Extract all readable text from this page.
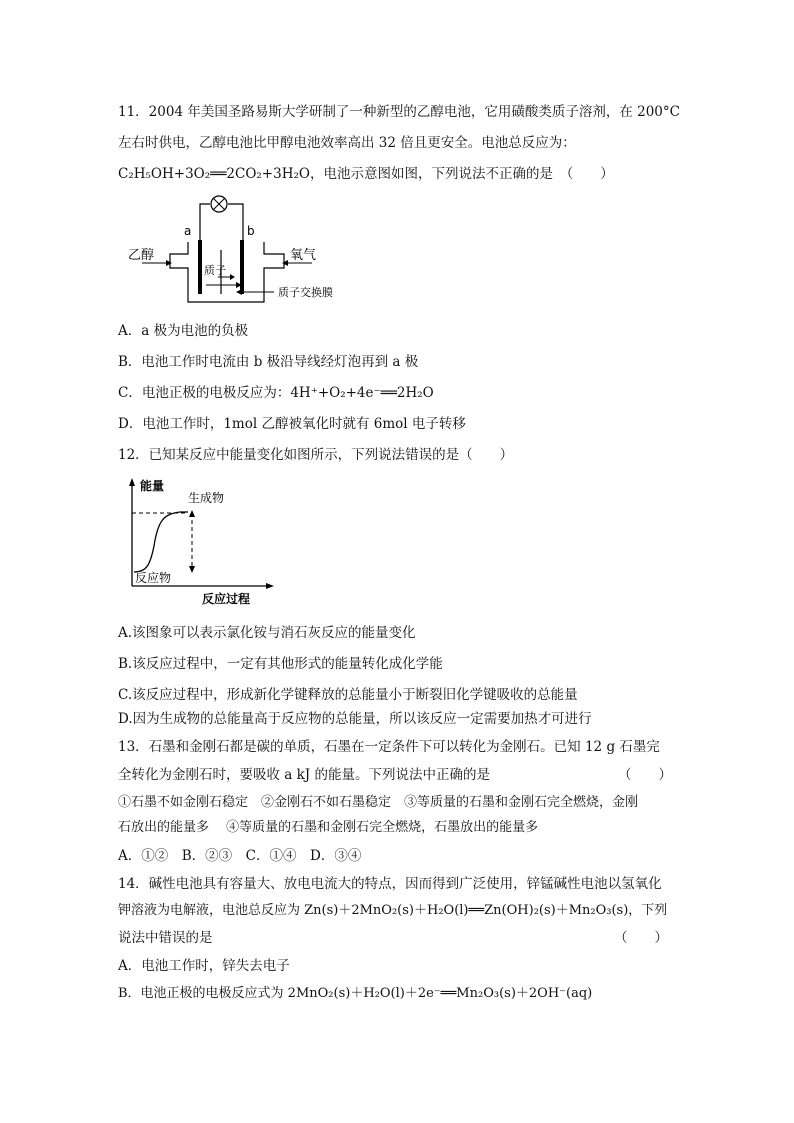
11．2004 年美国圣路易斯大学研制了一种新型的乙醇电池，它用磺酸类质子溶剂，在 200°C
左右时供电，乙醇电池比甲醇电池效率高出 32 倍且更安全。电池总反应为：
C₂H₅OH+3O₂══2CO₂+3H₂O，电池示意图如图，下列说法不正确的是　（　　）
a	b
乙醇	氧气
质子
质子交换膜
A．a 极为电池的负极
B．电池工作时电流由 b 极沿导线经灯泡再到 a 极
C．电池正极的电极反应为：4H⁺+O₂+4e⁻══2H₂O
D．电池工作时，1mol 乙醇被氧化时就有 6mol 电子转移
12．已知某反应中能量变化如图所示，下列说法错误的是（　　）
能量
生成物
反应物
反应过程
A.该图象可以表示氯化铵与消石灰反应的能量变化
B.该反应过程中，一定有其他形式的能量转化成化学能
C.该反应过程中，形成新化学键释放的总能量小于断裂旧化学键吸收的总能量
D.因为生成物的总能量高于反应物的总能量，所以该反应一定需要加热才可进行
13．石墨和金刚石都是碳的单质，石墨在一定条件下可以转化为金刚石。已知 12 g 石墨完
全转化为金刚石时，要吸收 a kJ 的能量。下列说法中正确的是	（　　）
①石墨不如金刚石稳定　②金刚石不如石墨稳定　③等质量的石墨和金刚石完全燃烧，金刚
石放出的能量多　 ④等质量的石墨和金刚石完全燃烧，石墨放出的能量多
A．①②　B．②③　C．①④　D．③④
14．碱性电池具有容量大、放电电流大的特点，因而得到广泛使用，锌锰碱性电池以氢氧化
钾溶液为电解液，电池总反应为 Zn(s)＋2MnO₂(s)＋H₂O(l)══Zn(OH)₂(s)＋Mn₂O₃(s)，下列
说法中错误的是	（　　）
A．电池工作时，锌失去电子
B．电池正极的电极反应式为 2MnO₂(s)＋H₂O(l)＋2e⁻══Mn₂O₃(s)＋2OH⁻(aq)
